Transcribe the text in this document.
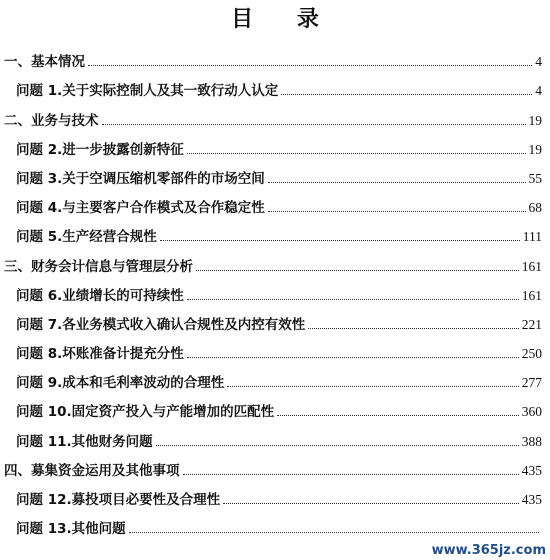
目 录
一、基本情况	4
问题 1.关于实际控制人及其一致行动人认定	4
二、业务与技术	19
问题 2.进一步披露创新特征	19
问题 3.关于空调压缩机零部件的市场空间	55
问题 4.与主要客户合作模式及合作稳定性	68
问题 5.生产经营合规性	111
三、财务会计信息与管理层分析	161
问题 6.业绩增长的可持续性	161
问题 7.各业务模式收入确认合规性及内控有效性	221
问题 8.坏账准备计提充分性	250
问题 9.成本和毛利率波动的合理性	277
问题 10.固定资产投入与产能增加的匹配性	360
问题 11.其他财务问题	388
四、募集资金运用及其他事项	435
问题 12.募投项目必要性及合理性	435
问题 13.其他问题
www.365jz.com
